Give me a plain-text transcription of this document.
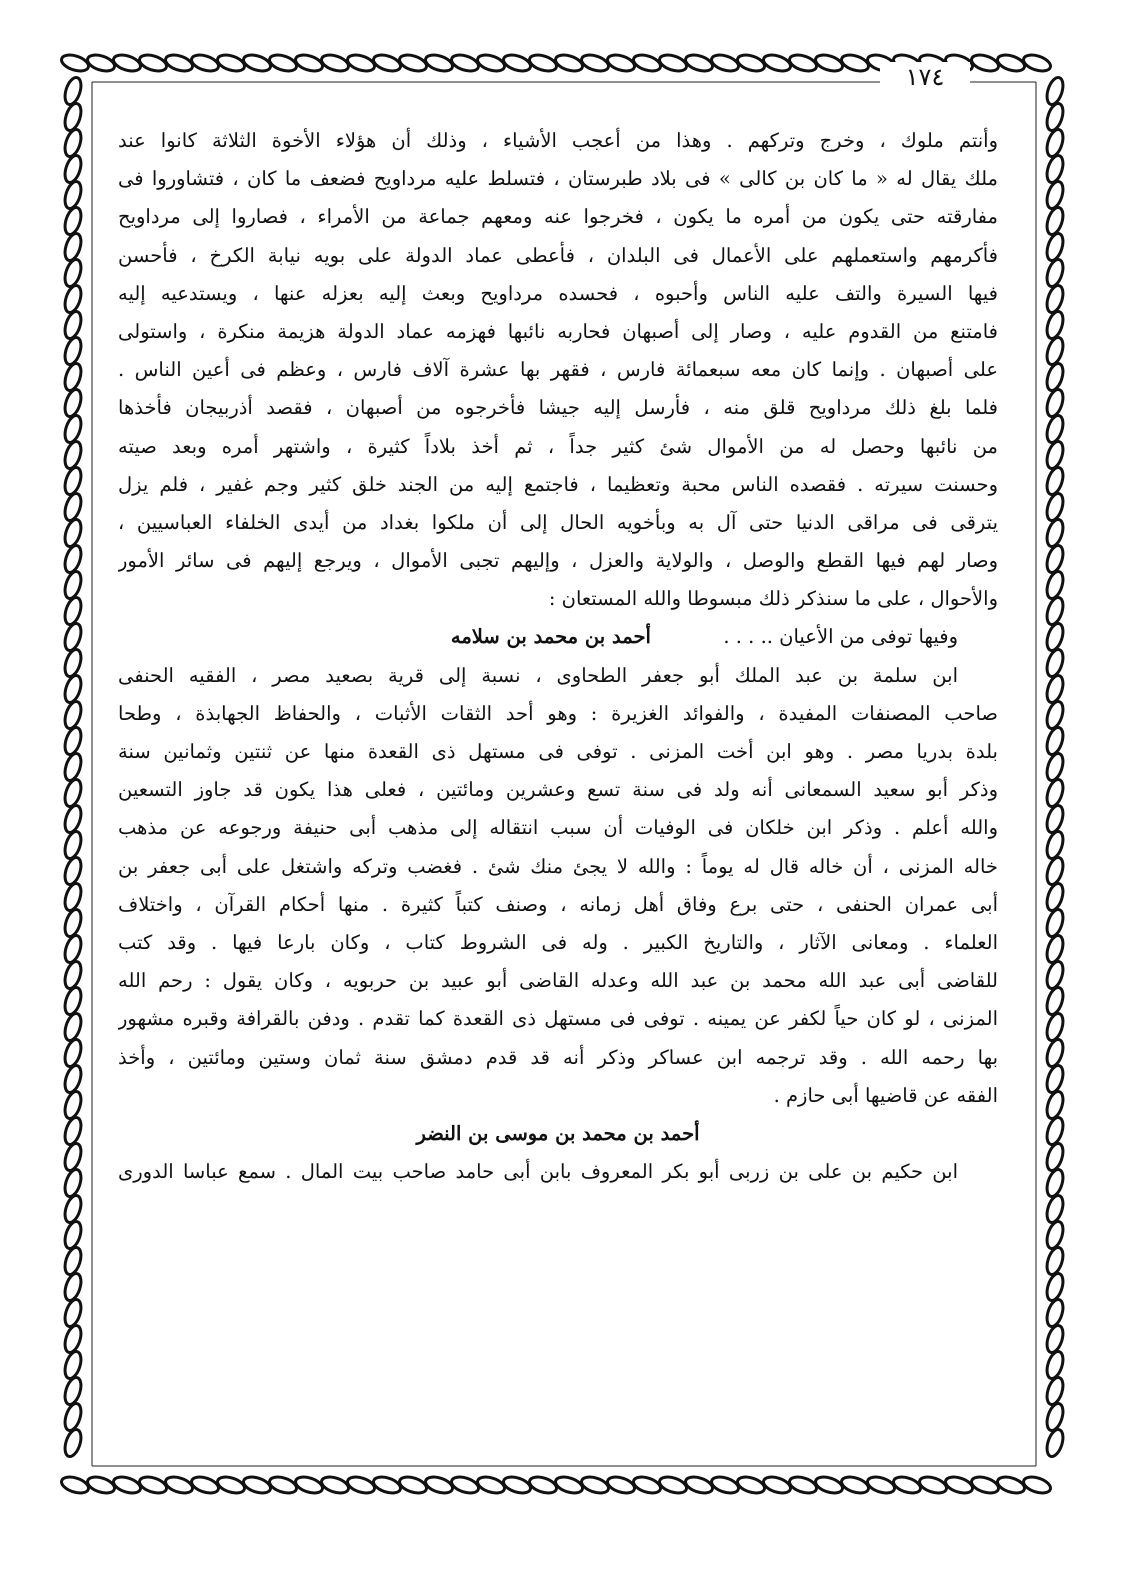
١٧٤
وأنتم ملوك ، وخرج وتركهم . وهذا من أعجب الأشياء ، وذلك أن هؤلاء الأخوة الثلاثة كانوا عند
ملك يقال له « ما كان بن كالى » فى بلاد طبرستان ، فتسلط عليه مرداويح فضعف ما كان ، فتشاوروا فى
مفارقته حتى يكون من أمره ما يكون ، فخرجوا عنه ومعهم جماعة من الأمراء ، فصاروا إلى مرداويح
فأكرمهم واستعملهم على الأعمال فى البلدان ، فأعطى عماد الدولة على بويه نيابة الكرخ ، فأحسن
فيها السيرة والتف عليه الناس وأحبوه ، فحسده مرداويح وبعث إليه بعزله عنها ، ويستدعيه إليه
فامتنع من القدوم عليه ، وصار إلى أصبهان فحاربه نائبها فهزمه عماد الدولة هزيمة منكرة ، واستولى
على أصبهان . وإنما كان معه سبعمائة فارس ، فقهر بها عشرة آلاف فارس ، وعظم فى أعين الناس .
فلما بلغ ذلك مرداويح قلق منه ، فأرسل إليه جيشا فأخرجوه من أصبهان ، فقصد أذربيجان فأخذها
من نائبها وحصل له من الأموال شئ كثير جداً ، ثم أخذ بلاداً كثيرة ، واشتهر أمره وبعد صيته
وحسنت سيرته . فقصده الناس محبة وتعظيما ، فاجتمع إليه من الجند خلق كثير وجم غفير ، فلم يزل
يترقى فى مراقى الدنيا حتى آل به وبأخويه الحال إلى أن ملكوا بغداد من أيدى الخلفاء العباسيين ،
وصار لهم فيها القطع والوصل ، والولاية والعزل ، وإليهم تجبى الأموال ، ويرجع إليهم فى سائر الأمور
والأحوال ، على ما سنذكر ذلك مبسوطا والله المستعان :
وفيها توفى من الأعيان .. . . .  أحمد بن محمد بن سلامه
ابن سلمة بن عبد الملك أبو جعفر الطحاوى ، نسبة إلى قرية بصعيد مصر ، الفقيه الحنفى
صاحب المصنفات المفيدة ، والفوائد الغزيرة : وهو أحد الثقات الأثبات ، والحفاظ الجهابذة ، وطحا
بلدة بدريا مصر . وهو ابن أخت المزنى . توفى فى مستهل ذى القعدة منها عن ثنتين وثمانين سنة
وذكر أبو سعيد السمعانى أنه ولد فى سنة تسع وعشرين ومائتين ، فعلى هذا يكون قد جاوز التسعين
والله أعلم . وذكر ابن خلكان فى الوفيات أن سبب انتقاله إلى مذهب أبى حنيفة ورجوعه عن مذهب
خاله المزنى ، أن خاله قال له يوماً : والله لا يجئ منك شئ . فغضب وتركه واشتغل على أبى جعفر بن
أبى عمران الحنفى ، حتى برع وفاق أهل زمانه ، وصنف كتباً كثيرة . منها أحكام القرآن ، واختلاف
العلماء . ومعانى الآثار ، والتاريخ الكبير . وله فى الشروط كتاب ، وكان بارعا فيها . وقد كتب
للقاضى أبى عبد الله محمد بن عبد الله وعدله القاضى أبو عبيد بن حربويه ، وكان يقول : رحم الله
المزنى ، لو كان حياً لكفر عن يمينه . توفى فى مستهل ذى القعدة كما تقدم . ودفن بالقرافة وقبره مشهور
بها رحمه الله . وقد ترجمه ابن عساكر وذكر أنه قد قدم دمشق سنة ثمان وستين ومائتين ، وأخذ
الفقه عن قاضيها أبى حازم .
أحمد بن محمد بن موسى بن النضر
ابن حكيم بن على بن زربى أبو بكر المعروف بابن أبى حامد صاحب بيت المال . سمع عباسا الدورى
